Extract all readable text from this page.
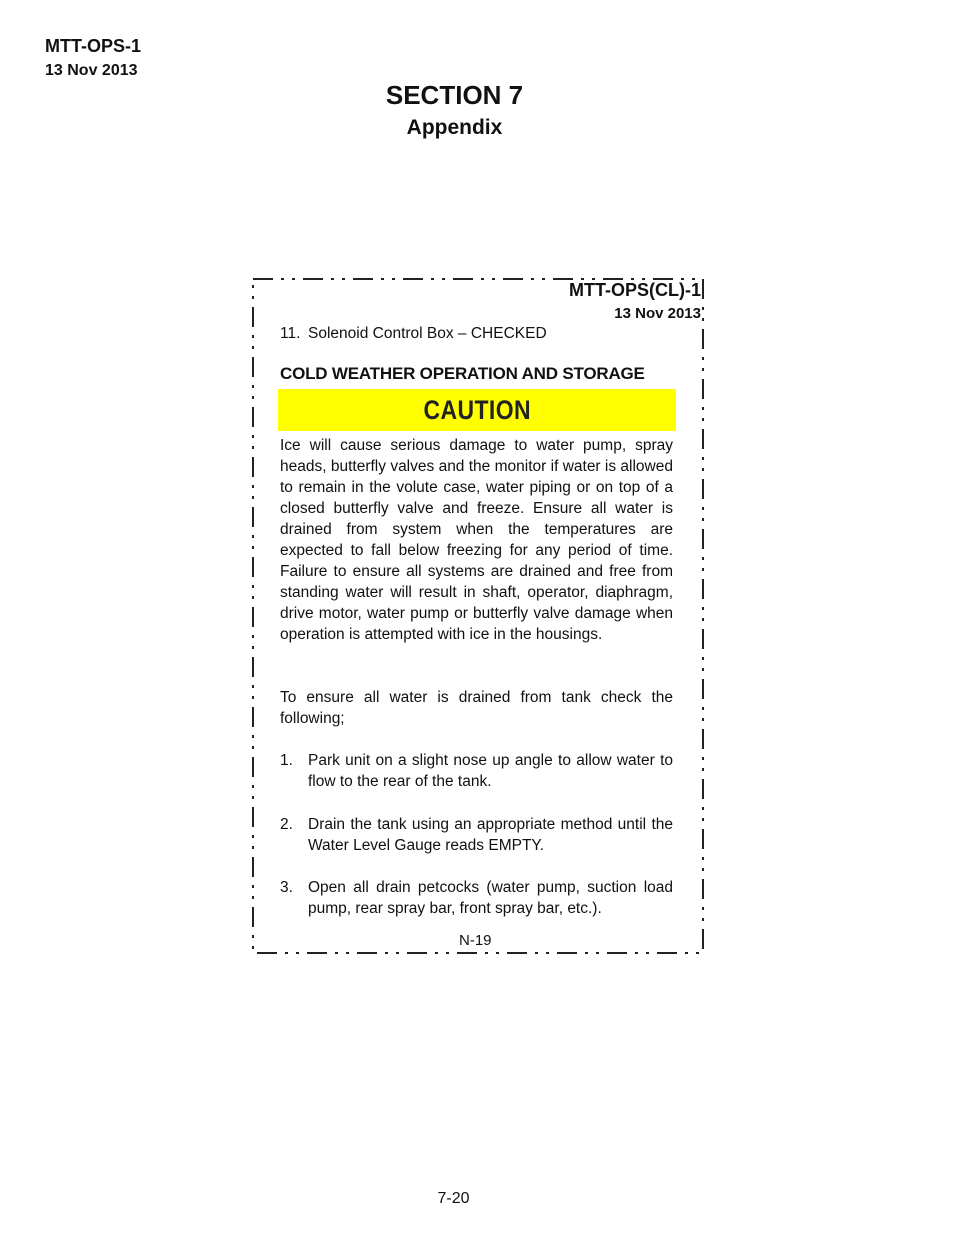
MTT-OPS-1
13 Nov 2013
SECTION 7
Appendix
MTT-OPS(CL)-1
13 Nov 2013
11. Solenoid Control Box – CHECKED
COLD WEATHER OPERATION AND STORAGE
CAUTION
Ice will cause serious damage to water pump, spray heads, butterfly valves and the monitor if water is allowed to remain in the volute case, water piping or on top of a closed butterfly valve and freeze. Ensure all water is drained from system when the temperatures are expected to fall below freezing for any period of time. Failure to ensure all systems are drained and free from standing water will result in shaft, operator, diaphragm, drive motor, water pump or butterfly valve damage when operation is attempted with ice in the housings.
To ensure all water is drained from tank check the following;
1. Park unit on a slight nose up angle to allow water to flow to the rear of the tank.
2. Drain the tank using an appropriate method until the Water Level Gauge reads EMPTY.
3. Open all drain petcocks (water pump, suction load pump, rear spray bar, front spray bar, etc.).
N-19
7-20
